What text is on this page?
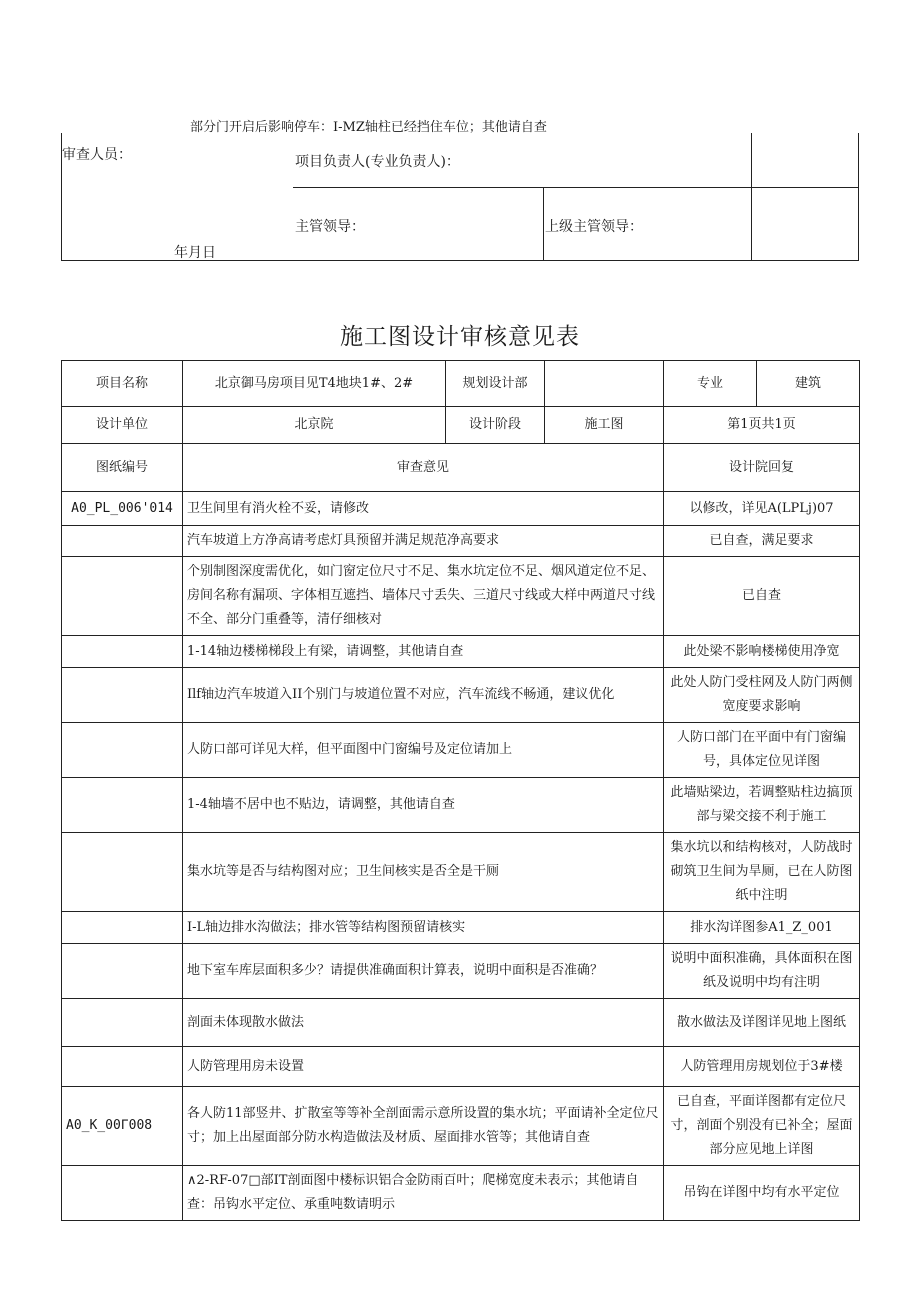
部分门开启后影响停车：I-MZ轴柱已经挡住车位；其他请自查
审查人员：	项目负责人(专业负责人)：
主管领导：	上级主管领导：
年月日
施工图设计审核意见表
项目名称	北京御马房项目见T4地块1#、2#	规划设计部		专业	建筑
设计单位	北京院	设计阶段	施工图	第1页共1页	
图纸编号	审查意见			设计院回复	
A0_PL_006'014	卫生间里有消火栓不妥，请修改			以修改，详见A(LPLj)07	
	汽车坡道上方净高请考虑灯具预留并满足规范净高要求			已自查，满足要求	
	个别制图深度需优化，如门窗定位尺寸不足、集水坑定位不足、烟风道定位不足、房间名称有漏项、字体相互遮挡、墙体尺寸丢失、三道尺寸线或大样中两道尺寸线不全、部分门重叠等，清仔细核对			已自查	
	1-14轴边楼梯梯段上有梁，请调整，其他请自查			此处梁不影响楼梯使用净宽	
	Ilf轴边汽车坡道入II个别门与坡道位置不对应，汽车流线不畅通，建议优化			此处人防门受柱网及人防门两侧宽度要求影响	
	人防口部可详见大样，但平面图中门窗编号及定位请加上			人防口部门在平面中有门窗编号，具体定位见详图	
	1-4轴墙不居中也不贴边，请调整，其他请自查			此墙贴梁边，若调整贴柱边搞顶部与梁交接不利于施工	
	集水坑等是否与结构图对应；卫生间核实是否全是干厕			集水坑以和结构核对，人防战时砌筑卫生间为旱厕，已在人防图纸中注明	
	I-L轴边排水沟做法；排水管等结构图预留请核实			排水沟详图参A1_Z_001	
	地下室车库层面积多少？请提供准确面积计算表，说明中面积是否准确？			说明中面积准确，具体面积在图纸及说明中均有注明	
	剖面未体现散水做法			散水做法及详图详见地上图纸	
	人防管理用房未设置			人防管理用房规划位于3#楼	
A0_K_00Γ008	各人防11部竖井、扩散室等等补全剖面需示意所设置的集水坑；平面请补全定位尺寸；加上出屋面部分防水构造做法及材质、屋面排水管等；其他请自查			已自查，平面详图都有定位尺寸，剖面个别没有已补全；屋面部分应见地上详图	
	∧2-RF-07□部IT剖面图中楼标识铝合金防雨百叶；爬梯宽度未表示；其他请自查：吊钩水平定位、承重吨数请明示			吊钩在详图中均有水平定位	
